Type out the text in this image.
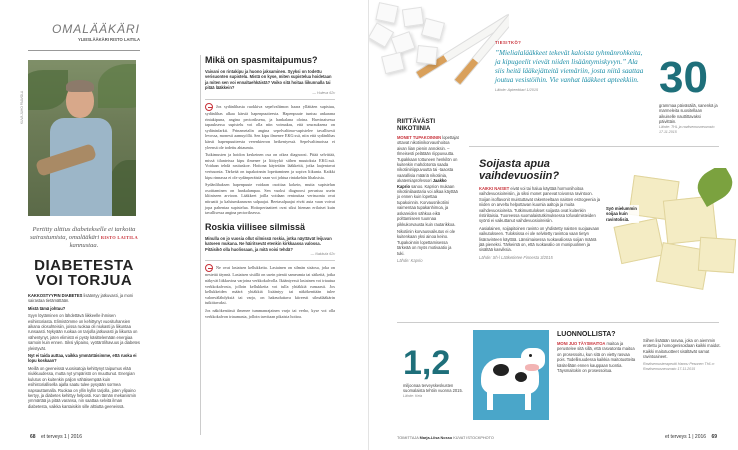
OMALÄÄKÄRI
YLEISLÄÄKÄRI RISTO LAITILA
KUVA JUHO PAAVOLA
Pertitty alttius diabetekselle ei tarkoita sairastumista, omalääkäri RISTO LAITILA kannustaa.
DIABETESTA
VOI TORJUA

KAKKOSTYYPIN DIABETES lisääntyy jatkuvasti, ja moni sairastaa tietämättään.

Mistä tämä johtuu?

Syyn löytäminen on lähdettävä liikkeelle ihmisen esihistoriasta. Elimistömme on kehittynyt vuosituhansien aikana olosuhteisiin, joissa ruokaa oli niukasti ja liikuntaa runsaasti. Nykyään ruokaa on tarjolla jatkuvasti ja liikunta on vähentynyt, joten elimistö ei pysty käsittelemään energiaa samoin kuin ennen. Siksi ylipaino, vyötärölihavuus ja diabetes yleistyvät.

Nyt ei taida auttaa, vaikka ymmärtäisimme, että ruoka ei lopu koskaan?

Meillä on geeneissä vuosisatoja kehittynyt taipumus elää niukkuudessa, mutta nyt ympäristö on muuttunut. Energian kulutus on kuitenkin paljon vähäisempää kuin esihistoriallisella ajalla saatu tulee pysyään sormea napsauttamalla. Ruokaa on yllin kyllin tarjolla, joten ylipaino kertyy, ja diabetes kehittyy helposti. Kun tämän mekanismin ymmärtää ja pitää varansa, nin saattaa selvitä ilman diabetesta, vaikka kantaisikin sille alttiutta geeneissä.

Mikä on spasmitaipumus?
Vaivani on rintakipu ja huono jaksaminen. Syyksi on todettu verisuonten supistelu. Mistä on kyse, miten supistelua hoidetaan ja miten sen voi ennaltaehkäistä? Voiko sitä hoitaa liikunnalla tai pitää lääkkein?
— Huleva 62v

Jos sydänlihasta ruokkiva sepelvaltimon haara yllättäen supistuu, sydänlihas alkaa kärsiä hapenpuutteesta. Hapenpuute tuntuu ankarana rintakipuna, angina pectoriksena, ja hankalana oloina. Harvinaisessa tapauksessa supistelu voi olla niin voimakas, että seurauksena on sydäninfarkti. Prinzmetalin angina sepelvaltimo-supistelee tavallisesti levossa, monesti aamuyöllä. Sen kipu ilmenee EKG:ssä, niin että sydänlihas kärsii hapenpuutteesta verenkierron heikentyessä. Sepelvaltimoissa ei yleensä ole todettu ahtaumia.

Tutkimusten ja hoidon keskeinen osa on oikea diagnoosi. Pitää selvittää, missä tilanteissa kipu ilmenee ja liittyykö siihen muutoksia EKG:ssä. Voidaan tehdä rasituskoe. Hoitona käytetään lääkkeitä, jotka laajentavat verisuonia. Tärkeää on tupakoinnin lopettaminen ja sopiva liikunta. Kaikki kipu rinnassa ei ole sydänperäistä vaan voi johtua rintakehän lihaksista.

Sydänlihaksen hapenpuute voidaan osoittaa kokein, mutta supistelun osoittaminen on hankalampaa. Sen vuoksi diagnoosi perustuu usein kliiniseen arvioon. Lääkkeet joilla voidaan rentouttaa verisuonia ovat nitraatit ja kalsiumkanavan salpaajat. Beetasalpaajat eivät auta vaan voivat jopa pahentaa supistelua. Hoitoperiaatteet ovat siksi hieman erilaiset kuin tavallisessa angina pectoriksessa.

Roskia viilisee silmissä
Minulla on jo vuosia ollut silmissä roskia, jotka näyttävät leijuvan katseen mukana. Ne häiritsevät etenkin kirkkaassa valossa. Pitäisikö olla huolissaan, ja mitä voisi tehdä?
— Nakkula 62v

Ne ovat lasiaisen kellukkeita. Lasiainen on silmän sisäosa, joka on nestettä täynnä. Lasiaisen sisällä on usein pieniä sameumia tai säikeitä, jotka näkyvät liikkuvina varjoina verkkokalvolla. Ikääntyessä lasiainen voi irtautua verkkokalvosta, jolloin kellukkeita voi tulla yhtäkkiä runsaasti. Jos kellukkeiden määrä yhtäkkiä lisääntyy tai näkökenttään tulee valonvälähdyksiä tai varjo, on hakeuduttava kiireesti silmälääkärin tutkittavaksi.

Jos näkökentässä ilmenee tummanrajainen varjo tai verho, kyse voi olla verkkokalvon irtaumasta, jolloin tarvitaan pikaista hoitoa.

68 et terveys 1 | 2016
RIITTÄVÄSTI NIKOTIINIA

MONET TUPAKOINNIN lopettajat ottavat nikotiinikorvaushoitoa aivan liian pienin annoksin. – Ilmeisesti pelätään riippuvuutta. Tupakkaan tottuneen henkilön on kuitenkin mahdotonta saada nikotiiniriippuvuutta tai -taaosta vaarallisia määriä nikotiinia, akatemiaprofessori Jaakko Kaprio sanoo. Kaprion mukaan nikotiinilaastaria voi alkaa käyttää jo ennen kuin lopettaa tupakoinnin. Korvausnikotiini vaimentaa tupakanhimoa, ja askareiden sähkoa eikä polttamiseen tuunnaa pikkukorvausta kuin rautarikkoa.

Nikotiinin korvausvaikutus ei ole kuitenkaan yksi ainoa keino. Tupakoinnin lopettamisessa tärkeää on myös motivaatio ja tuki.

Lähde: Kaprio

TIESITKÖ?
”Mielialalääkkeet tekevät kaloista tyhmänrohkeita, ja kipugeelit vievät niiden lisääntymiskyvyn.” Ala siis heitä lääkejätteitä viemäriin, josta niitä saattaa joutua vesistöihin. Vie vanhat lääkkeet apteekkiin.
Lähde: Apteekkari 1/2015	30
grammaa päiväsäilä, sanenkä ja marmeleita suositellaan aikuiselle nauttittavaksi päivittäin.
Lähde: THL ja ravitsemusneuvosto 17.11.2015
Soijasta apua
vaihdevuosiin?

KAIKKI NAISET eivät voi tai halua käyttää hormonihoitoa vaihdevuosioireisiin, ja siksi monet panevat toivonsa ravintoon. Soijan isoflavonit muistuttavat rakenteeltaan naisten estrogeenia ja niiden on arveltu helpottavan kuumia aaltoja ja muita vaihdevuosioireita. Tutkimustulokset soijasta ovat kuitenkin ristiriitaisia. Tuoreessa suomalaistutkimuksessa tofuvalmisteiden syönti ei vaikuttanut vaihdevuosioireisiin.

Aasialainen, soijapitoinen ravinto on yhdistetty naisten suojaavaan vaikutukseen. Tuloksissa ei ole selvitetty ravintoa vaan tietyn lisäravinteen käyttöä. Länsimaisessa ruokavaliossa soijan määrä jää pieneksi. Tärkeintä on, että ruokavalio on monipuolinen ja sisältää kasviksia.

Lähde: Sh-l Lääketietee Finnesta 3/2015

Syö mielummin soijaa kuin ravintolisiä.
1,2
miljoonaa terveyskeskusten suomalaista tehtiin vuonna 2015.
Lähde: Kela
LUONNOLLISTA?

MONI JUO TÄYSMAITOA maitoa ja perustelee sitä sillä, että rasvatonta maitoa on prosessoitu, kun sitä on vietty rasvaa pois. Todellisuudessa kaikkia maitotuotteita käsitellään ennen kauppaan tuontia. Täysmaitokin on prosessoitua.

Siihen lisätään rasvaa, joka on aiemmin erotettu ja homogenisoidaan kaikki maidot. Kaikki maitotuotteet sisältävät samat ravintoaineet.

Ravitsemusterapeutti Hannu Pesonen THL:n Ravitsemusneuvosto 17.11.2015

TOIMITTAJA Marja-Liisa Nosso KUVAT ISTOCKPHOTO	et terveys 1 | 2016 69
